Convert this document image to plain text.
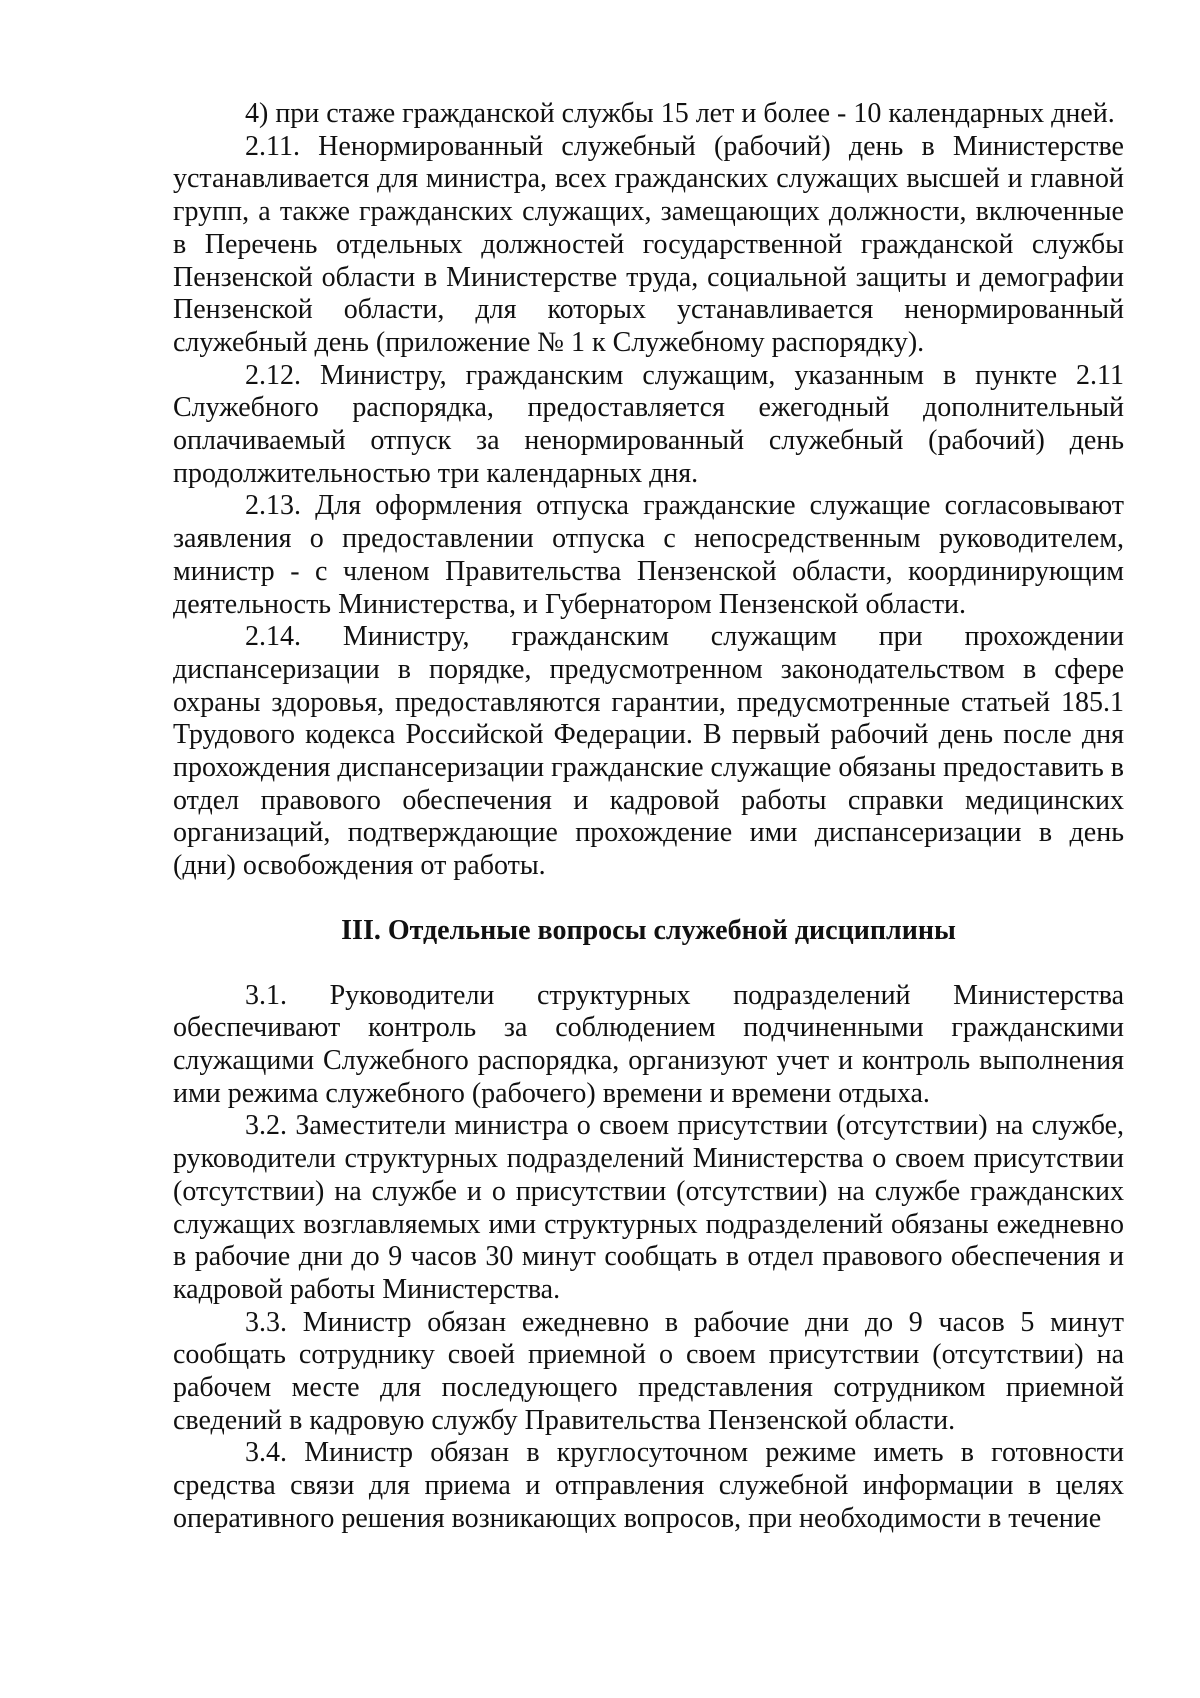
4) при стаже гражданской службы 15 лет и более - 10 календарных дней.

2.11. Ненормированный служебный (рабочий) день в Министерстве устанавливается для министра, всех гражданских служащих высшей и главной групп, а также гражданских служащих, замещающих должности, включенные в Перечень отдельных должностей государственной гражданской службы Пензенской области в Министерстве труда, социальной защиты и демографии Пензенской области, для которых устанавливается ненормированный служебный день (приложение № 1 к Служебному распорядку).

2.12. Министру, гражданским служащим, указанным в пункте 2.11 Служебного распорядка, предоставляется ежегодный дополнительный оплачиваемый отпуск за ненормированный служебный (рабочий) день продолжительностью три календарных дня.

2.13. Для оформления отпуска гражданские служащие согласовывают заявления о предоставлении отпуска с непосредственным руководителем, министр - с членом Правительства Пензенской области, координирующим деятельность Министерства, и Губернатором Пензенской области.

2.14. Министру, гражданским служащим при прохождении диспансеризации в порядке, предусмотренном законодательством в сфере охраны здоровья, предоставляются гарантии, предусмотренные статьей 185.1 Трудового кодекса Российской Федерации. В первый рабочий день после дня прохождения диспансеризации гражданские служащие обязаны предоставить в отдел правового обеспечения и кадровой работы справки медицинских организаций, подтверждающие прохождение ими диспансеризации в день (дни) освобождения от работы.

III. Отдельные вопросы служебной дисциплины

3.1. Руководители структурных подразделений Министерства обеспечивают контроль за соблюдением подчиненными гражданскими служащими Служебного распорядка, организуют учет и контроль выполнения ими режима служебного (рабочего) времени и времени отдыха.

3.2. Заместители министра о своем присутствии (отсутствии) на службе, руководители структурных подразделений Министерства о своем присутствии (отсутствии) на службе и о присутствии (отсутствии) на службе гражданских служащих возглавляемых ими структурных подразделений обязаны ежедневно в рабочие дни до 9 часов 30 минут сообщать в отдел правового обеспечения и кадровой работы Министерства.

3.3. Министр обязан ежедневно в рабочие дни до 9 часов 5 минут сообщать сотруднику своей приемной о своем присутствии (отсутствии) на рабочем месте для последующего представления сотрудником приемной сведений в кадровую службу Правительства Пензенской области.

3.4. Министр обязан в круглосуточном режиме иметь в готовности средства связи для приема и отправления служебной информации в целях оперативного решения возникающих вопросов, при необходимости в течение
